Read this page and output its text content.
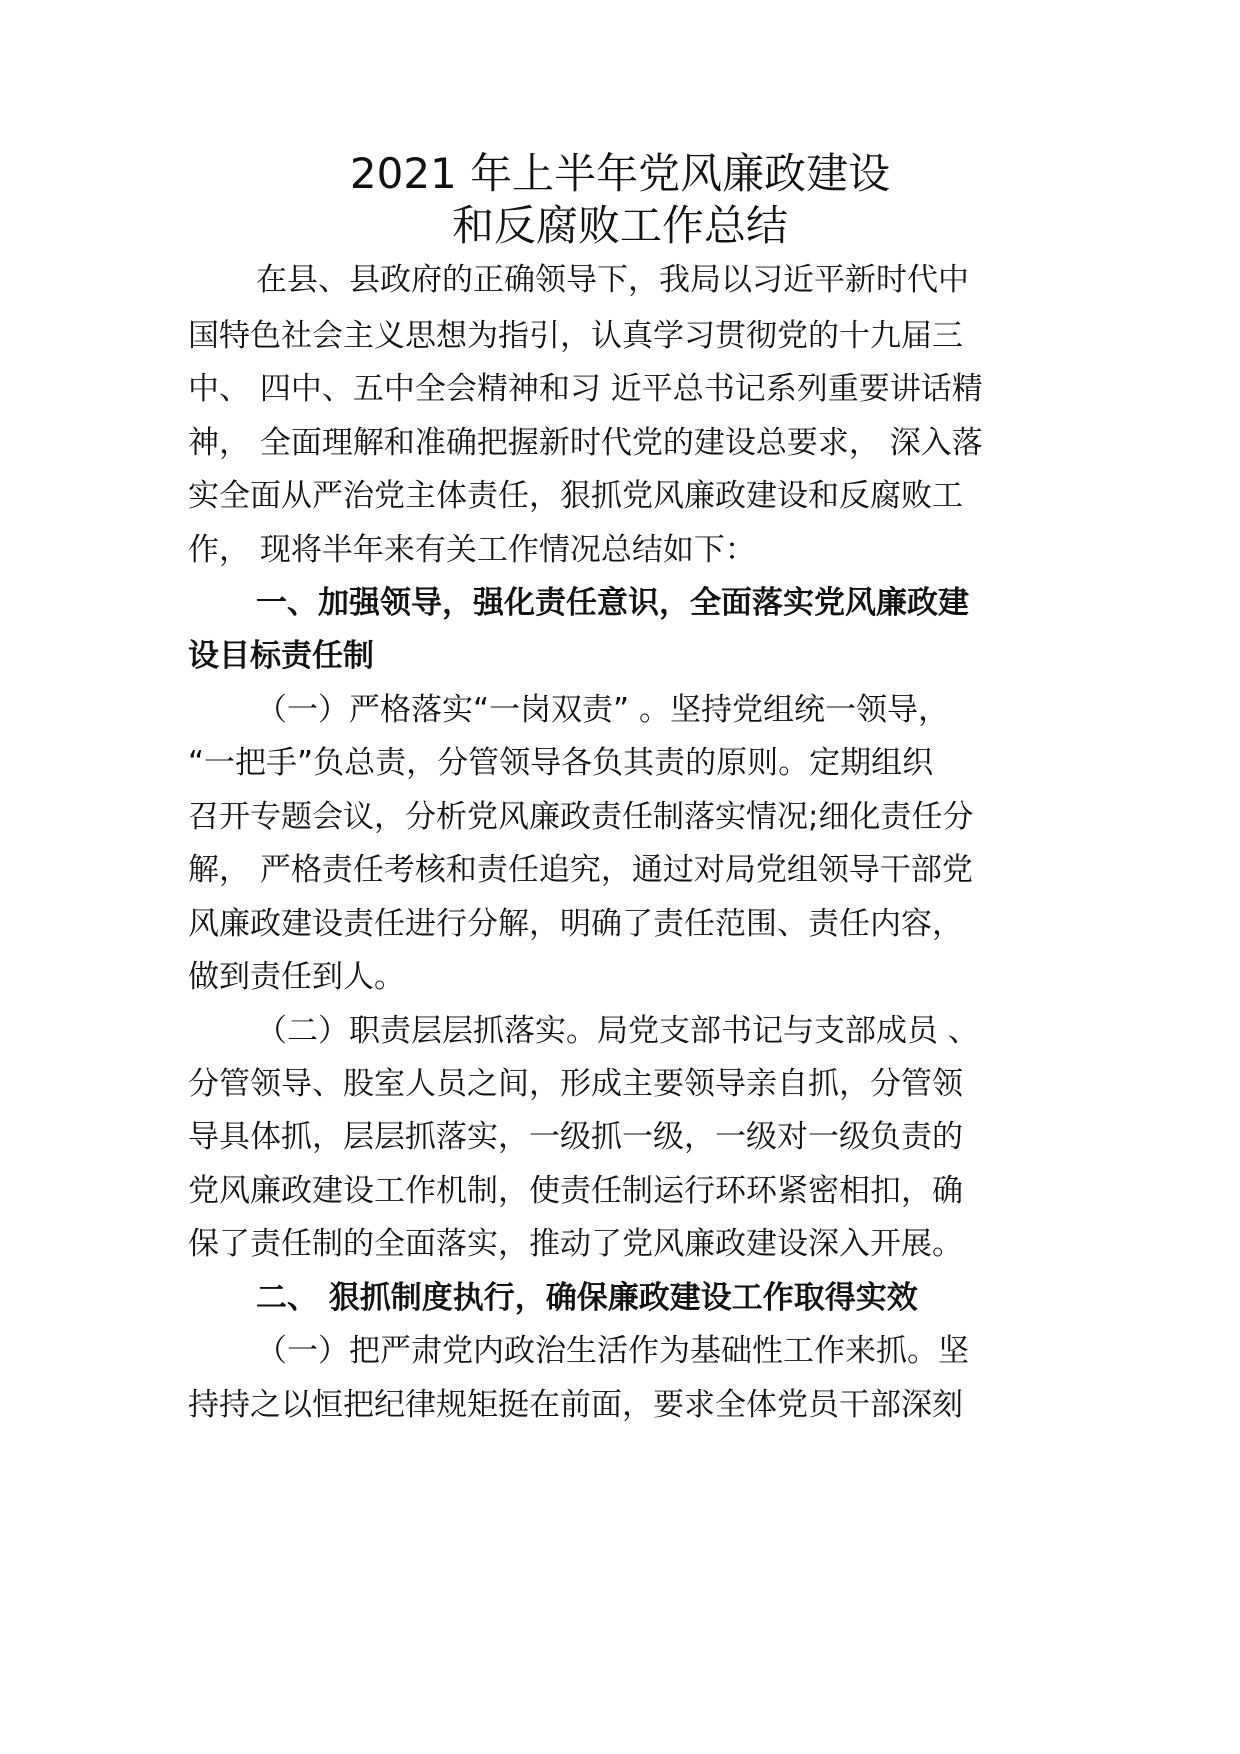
2021 年上半年党风廉政建设
和反腐败工作总结
在县、县政府的正确领导下，我局以习近平新时代中
国特色社会主义思想为指引，认真学习贯彻党的十九届三
中、 四中、五中全会精神和习 近平总书记系列重要讲话精
神， 全面理解和准确把握新时代党的建设总要求， 深入落
实全面从严治党主体责任，狠抓党风廉政建设和反腐败工
作， 现将半年来有关工作情况总结如下：
一、加强领导，强化责任意识，全面落实党风廉政建
设目标责任制
（一）严格落实“一岗双责” 。坚持党组统一领导，
“一把手”负总责，分管领导各负其责的原则。定期组织
召开专题会议，分析党风廉政责任制落实情况;细化责任分
解， 严格责任考核和责任追究，通过对局党组领导干部党
风廉政建设责任进行分解，明确了责任范围、责任内容，
做到责任到人。
（二）职责层层抓落实。局党支部书记与支部成员 、
分管领导、股室人员之间，形成主要领导亲自抓，分管领
导具体抓，层层抓落实，一级抓一级，一级对一级负责的
党风廉政建设工作机制，使责任制运行环环紧密相扣，确
保了责任制的全面落实，推动了党风廉政建设深入开展。
二、 狠抓制度执行，确保廉政建设工作取得实效
（一）把严肃党内政治生活作为基础性工作来抓。坚
持持之以恒把纪律规矩挺在前面，要求全体党员干部深刻
